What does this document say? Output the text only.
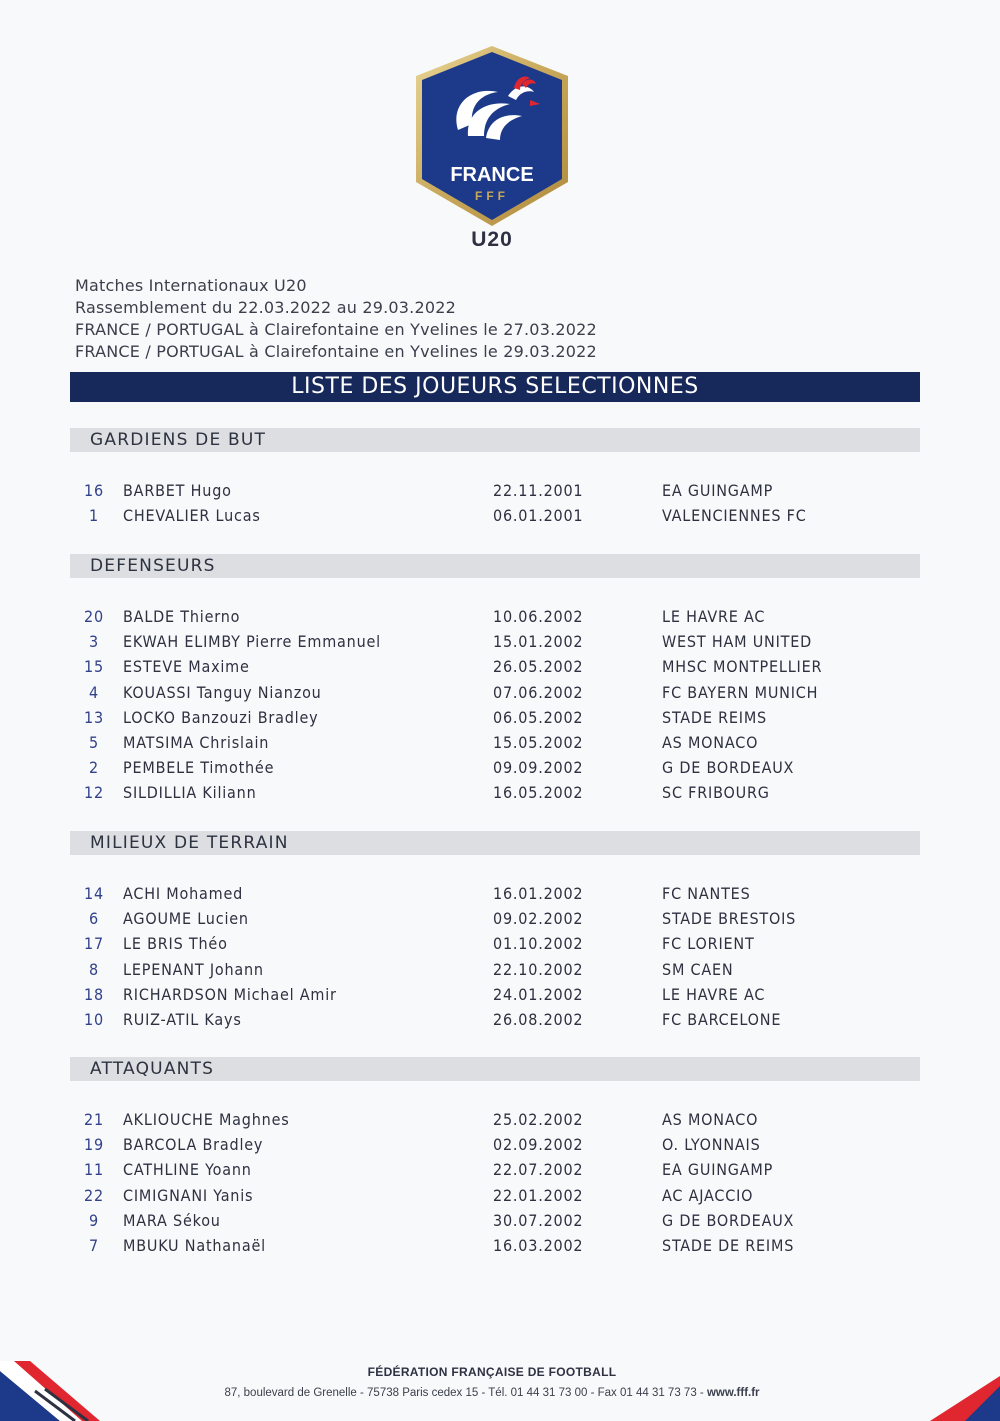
FRANCE
FFF
U20
Matches Internationaux U20
Rassemblement du 22.03.2022 au 29.03.2022
FRANCE / PORTUGAL à Clairefontaine en Yvelines le 27.03.2022
FRANCE / PORTUGAL à Clairefontaine en Yvelines le 29.03.2022
LISTE DES JOUEURS SELECTIONNES
GARDIENS DE BUT
16 BARBET Hugo	22.11.2001	EA GUINGAMP
1	CHEVALIER Lucas	06.01.2001	VALENCIENNES FC
DEFENSEURS
20 BALDE Thierno	10.06.2002	LE HAVRE AC
3	EKWAH ELIMBY Pierre Emmanuel	15.01.2002	WEST HAM UNITED
15 ESTEVE Maxime	26.05.2002	MHSC MONTPELLIER
4	KOUASSI Tanguy Nianzou	07.06.2002	FC BAYERN MUNICH
13 LOCKO Banzouzi Bradley	06.05.2002	STADE REIMS
5	MATSIMA Chrislain	15.05.2002	AS MONACO
2	PEMBELE Timothée	09.09.2002	G DE BORDEAUX
12 SILDILLIA Kiliann	16.05.2002	SC FRIBOURG
MILIEUX DE TERRAIN
14 ACHI Mohamed	16.01.2002	FC NANTES
6	AGOUME Lucien	09.02.2002	STADE BRESTOIS
17 LE BRIS Théo	01.10.2002	FC LORIENT
8	LEPENANT Johann	22.10.2002	SM CAEN
18 RICHARDSON Michael Amir	24.01.2002	LE HAVRE AC
10 RUIZ-ATIL Kays	26.08.2002	FC BARCELONE
ATTAQUANTS
21 AKLIOUCHE Maghnes	25.02.2002	AS MONACO
19 BARCOLA Bradley	02.09.2002	O. LYONNAIS
11 CATHLINE Yoann	22.07.2002	EA GUINGAMP
22 CIMIGNANI Yanis	22.01.2002	AC AJACCIO
9	MARA Sékou	30.07.2002	G DE BORDEAUX
7	MBUKU Nathanaël	16.03.2002	STADE DE REIMS
FÉDÉRATION FRANÇAISE DE FOOTBALL
87, boulevard de Grenelle - 75738 Paris cedex 15 - Tél. 01 44 31 73 00 - Fax 01 44 31 73 73 - www.fff.fr
